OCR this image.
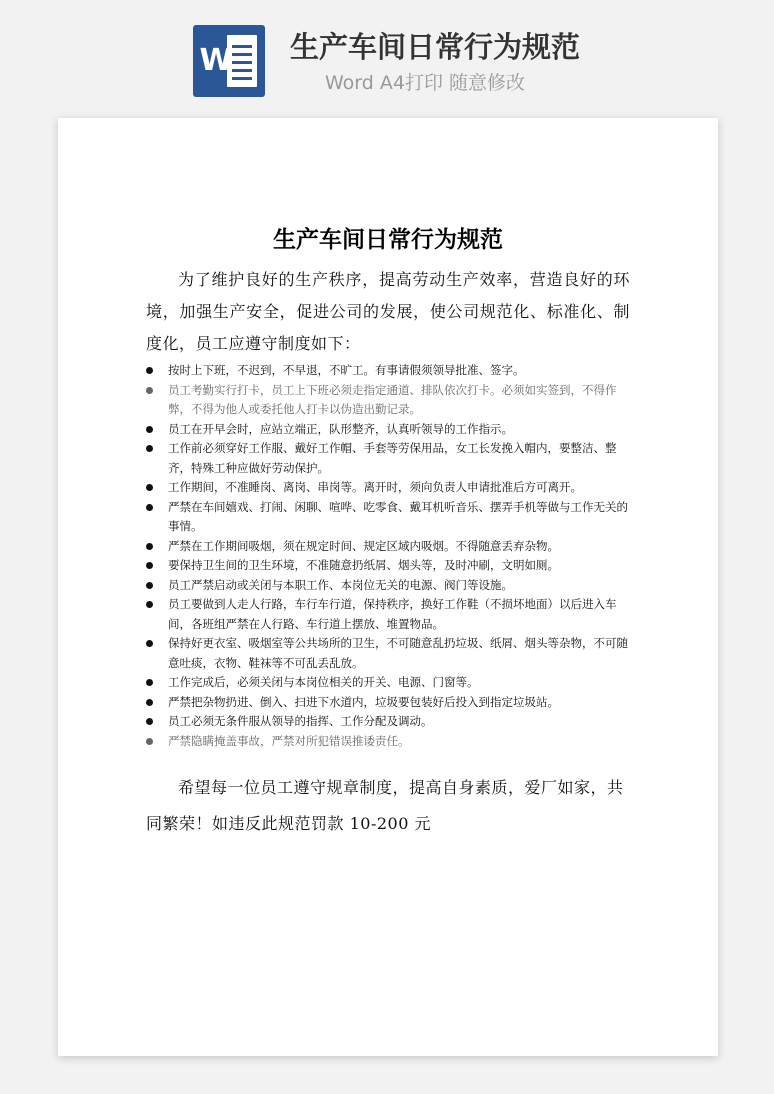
W 生产车间日常行为规范
Word A4打印 随意修改
生产车间日常行为规范
为了维护良好的生产秩序，提高劳动生产效率，营造良好的环境，加强生产安全，促进公司的发展，使公司规范化、标准化、制度化，员工应遵守制度如下：
按时上下班，不迟到，不早退，不旷工。有事请假须领导批准、签字。
员工考勤实行打卡，员工上下班必须走指定通道、排队依次打卡。必须如实签到，不得作弊，不得为他人或委托他人打卡以伪造出勤记录。
员工在开早会时，应站立端正，队形整齐，认真听领导的工作指示。
工作前必须穿好工作服、戴好工作帽、手套等劳保用品，女工长发挽入帽内，要整洁、整齐，特殊工种应做好劳动保护。
工作期间，不准睡岗、离岗、串岗等。离开时，须向负责人申请批准后方可离开。
严禁在车间嬉戏、打闹、闲聊、喧哗、吃零食、戴耳机听音乐、摆弄手机等做与工作无关的事情。
严禁在工作期间吸烟，须在规定时间、规定区域内吸烟。不得随意丢弃杂物。
要保持卫生间的卫生环境，不准随意扔纸屑、烟头等，及时冲刷，文明如厕。
员工严禁启动或关闭与本职工作、本岗位无关的电源、阀门等设施。
员工要做到人走人行路，车行车行道，保持秩序，换好工作鞋（不损坏地面）以后进入车间，各班组严禁在人行路、车行道上摆放、堆置物品。
保持好更衣室、吸烟室等公共场所的卫生，不可随意乱扔垃圾、纸屑、烟头等杂物，不可随意吐痰，衣物、鞋袜等不可乱丢乱放。
工作完成后，必须关闭与本岗位相关的开关、电源、门窗等。
严禁把杂物扔进、倒入、扫进下水道内，垃圾要包装好后投入到指定垃圾站。
员工必须无条件服从领导的指挥、工作分配及调动。
严禁隐瞒掩盖事故，严禁对所犯错误推诿责任。
希望每一位员工遵守规章制度，提高自身素质，爱厂如家，共同繁荣！如违反此规范罚款 10-200 元
